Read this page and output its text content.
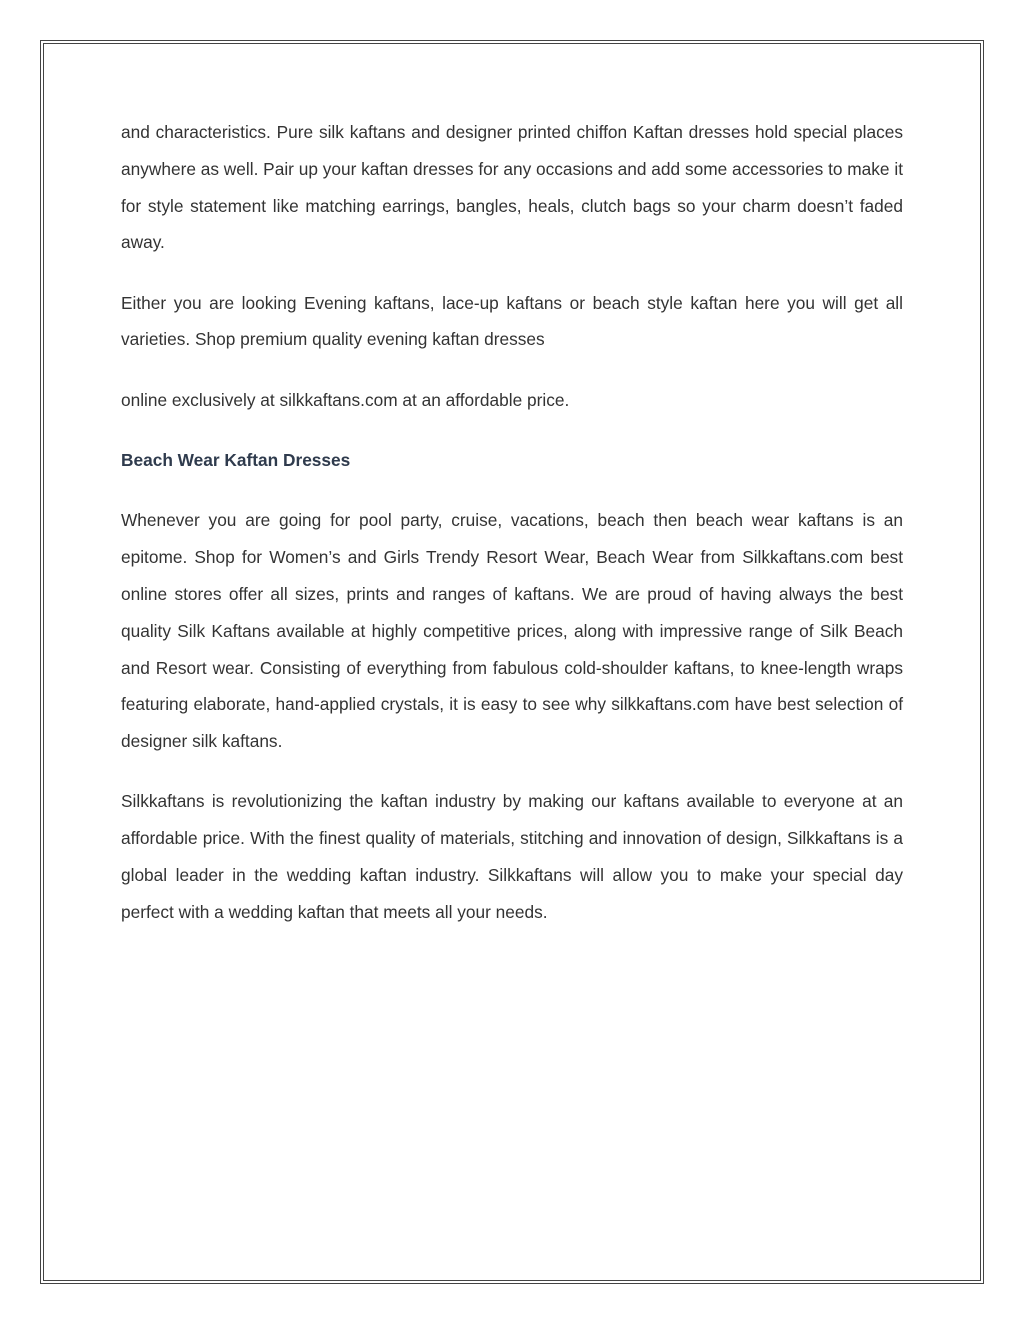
and characteristics. Pure silk kaftans and designer printed chiffon Kaftan dresses hold special places anywhere as well. Pair up your kaftan dresses for any occasions and add some accessories to make it for style statement like matching earrings, bangles, heals, clutch bags so your charm doesn’t faded away.

Either you are looking Evening kaftans, lace-up kaftans or beach style kaftan here you will get all varieties. Shop premium quality evening kaftan dresses

online exclusively at silkkaftans.com at an affordable price.

Beach Wear Kaftan Dresses

Whenever you are going for pool party, cruise, vacations, beach then beach wear kaftans is an epitome. Shop for Women’s and Girls Trendy Resort Wear, Beach Wear from Silkkaftans.com best online stores offer all sizes, prints and ranges of kaftans. We are proud of having always the best quality Silk Kaftans available at highly competitive prices, along with impressive range of Silk Beach and Resort wear. Consisting of everything from fabulous cold-shoulder kaftans, to knee-length wraps featuring elaborate, hand-applied crystals, it is easy to see why silkkaftans.com have best selection of designer silk kaftans.

Silkkaftans is revolutionizing the kaftan industry by making our kaftans available to everyone at an affordable price. With the finest quality of materials, stitching and innovation of design, Silkkaftans is a global leader in the wedding kaftan industry. Silkkaftans will allow you to make your special day perfect with a wedding kaftan that meets all your needs.
